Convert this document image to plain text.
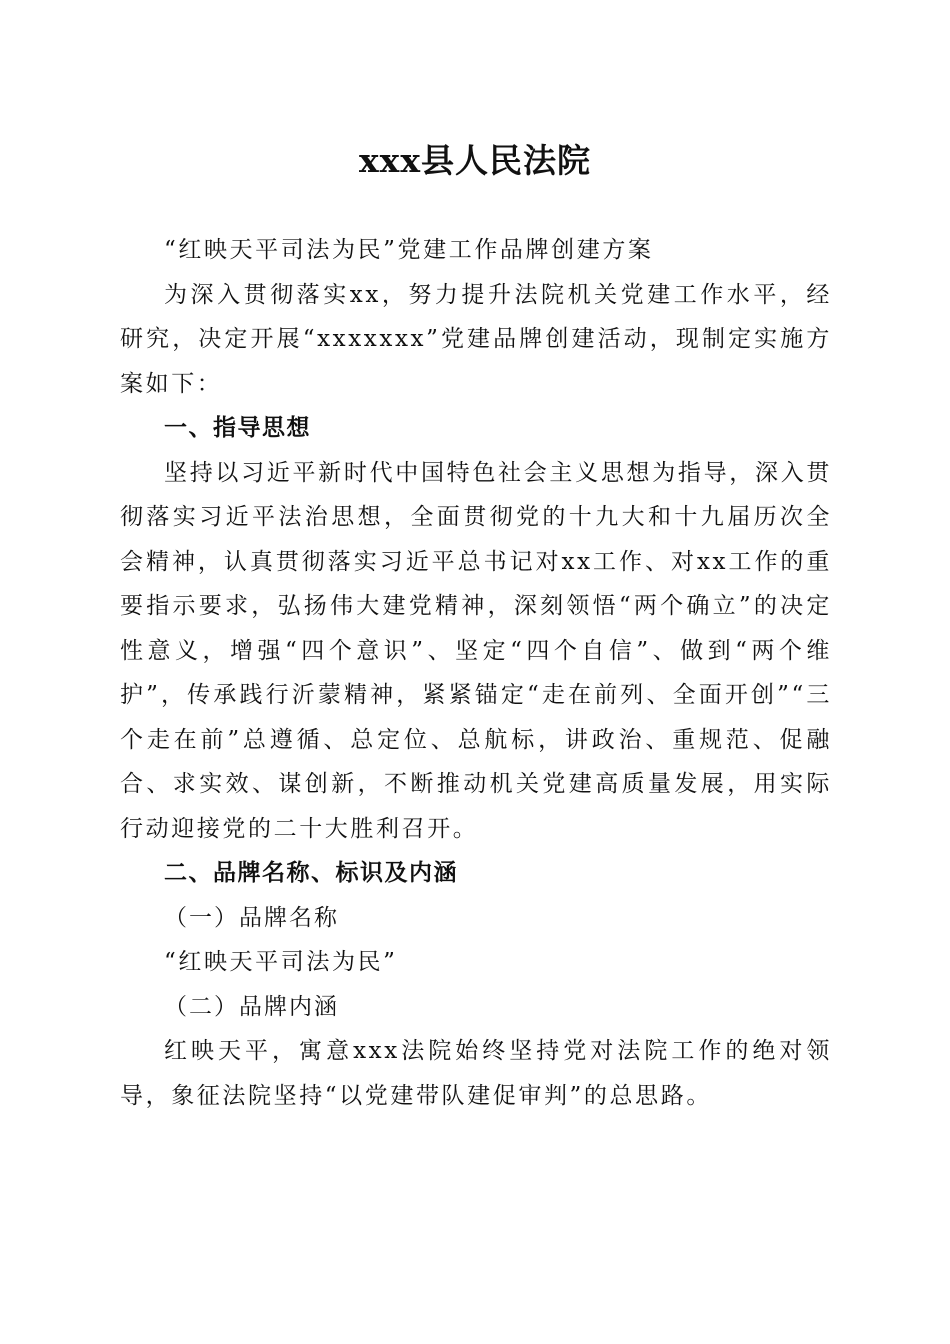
xxx县人民法院

“红映天平司法为民”党建工作品牌创建方案

为深入贯彻落实xx，努力提升法院机关党建工作水平，经研究，决定开展“xxxxxxx”党建品牌创建活动，现制定实施方案如下：

一、指导思想

坚持以习近平新时代中国特色社会主义思想为指导，深入贯彻落实习近平法治思想，全面贯彻党的十九大和十九届历次全会精神，认真贯彻落实习近平总书记对xx工作、对xx工作的重要指示要求，弘扬伟大建党精神，深刻领悟“两个确立”的决定性意义，增强“四个意识”、坚定“四个自信”、做到“两个维护”，传承践行沂蒙精神，紧紧锚定“走在前列、全面开创”“三个走在前”总遵循、总定位、总航标，讲政治、重规范、促融合、求实效、谋创新，不断推动机关党建高质量发展，用实际行动迎接党的二十大胜利召开。

二、品牌名称、标识及内涵

（一）品牌名称

“红映天平司法为民”

（二）品牌内涵

红映天平，寓意xxx法院始终坚持党对法院工作的绝对领导，象征法院坚持“以党建带队建促审判”的总思路。
